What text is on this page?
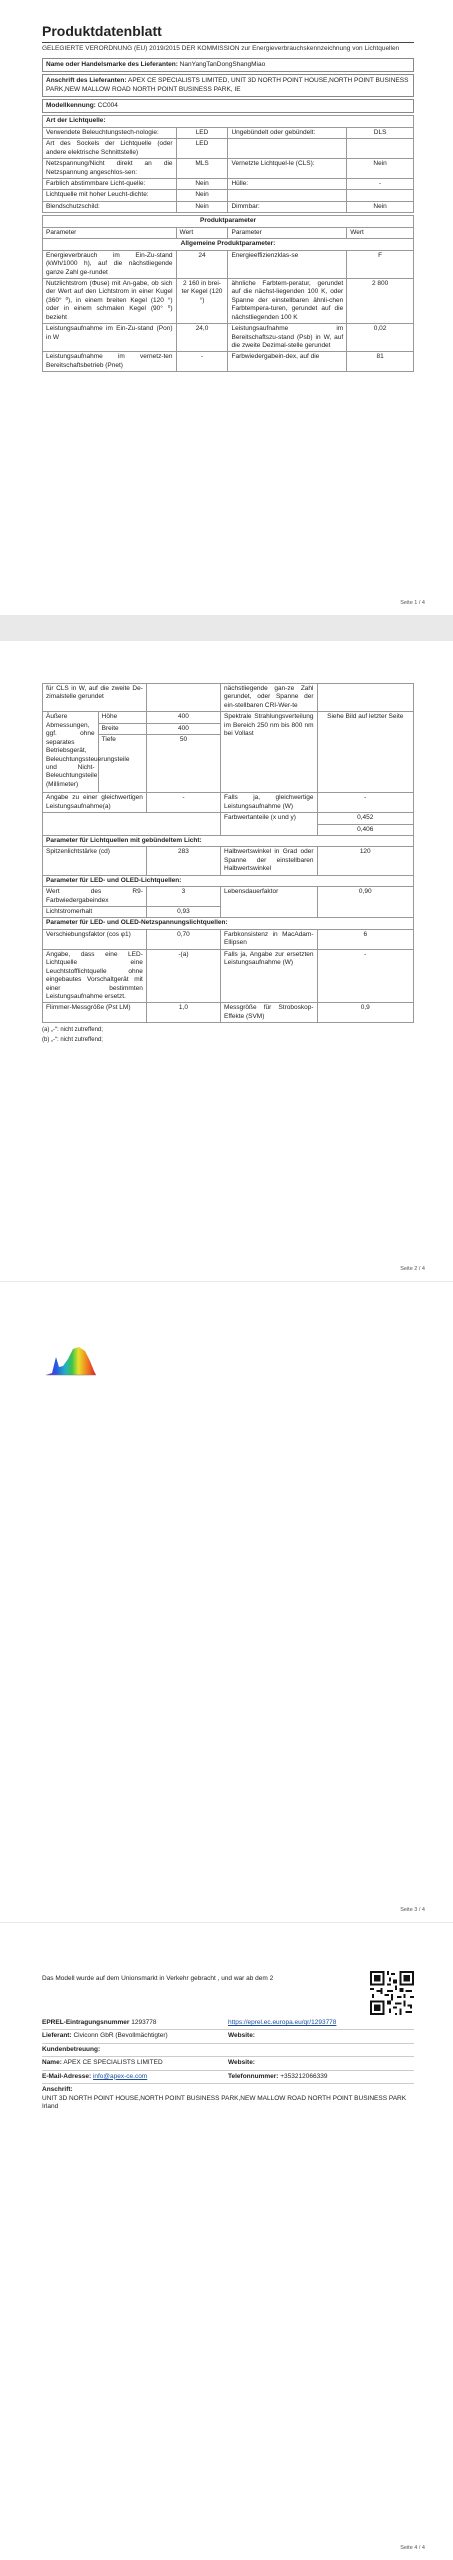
Produktdatenblatt
GELEGIERTE VERORDNUNG (EU) 2019/2015 DER KOMMISSION zur Energieverbrauchskennzeichnung von Lichtquellen
Name oder Handelsmarke des Lieferanten: NanYangTanDongShangMiao
Anschrift des Lieferanten: APEX CE SPECIALISTS LIMITED, UNIT 3D NORTH POINT HOUSE,NORTH POINT BUSINESS PARK,NEW MALLOW ROAD NORTH POINT BUSINESS PARK, IE
Modellkennung: CC004
Art der Lichtquelle:			
Verwendete Beleuchtungstech-nologie:	LED	Ungebündelt oder gebündelt:	DLS
Art des Sockels der Lichtquelle (oder andere elektrische Schnittstelle)	LED		
Netzspannung/Nicht direkt an die Netzspannung angeschlos-sen:	MLS	Vernetzte Lichtquel-le (CLS):	Nein
Farblich abstimmbare Licht-quelle:	Nein	Hülle:	-
Lichtquelle mit hoher Leucht-dichte:	Nein		
Blendschutzschild:	Nein	Dimmbar:	Nein
Produktparameter			
Parameter	Wert	Parameter	Wert
Allgemeine Produktparameter:			
Energieverbrauch im Ein-Zu-stand (kWh/1000 h), auf die nächstliegende ganze Zahl ge-rundet	24	Energieeffizienzklas-se	F
Nutzlichtstrom (Φuse) mit An-gabe, ob sich der Wert auf den Lichtstrom in einer Kugel (360° ⁰), in einem breiten Kegel (120 °) oder in einem schmalen Kegel (90° ⁰) bezieht	2 160 in brei-ter Kegel (120 °)	ähnliche Farbtem-peratur, gerundet auf die nächst-liegenden 100 K, oder Spanne der einstellbaren ähnli-chen Farbtempera-turen, gerundet auf die nächstliegenden 100 K	2 800
Leistungsaufnahme im Ein-Zu-stand (Pon) in W	24,0	Leistungsaufnahme im Bereitschaftszu-stand (Psb) in W, auf die zweite Dezimal-stelle gerundet	0,02
Leistungsaufnahme im vernetz-ten Bereitschaftsbetrieb (Pnet)	-	Farbwiedergabein-dex, auf die	81
Seite 1 / 4
für CLS in W, auf die zweite De-zimalstelle gerundet			nächstliegende gan-ze Zahl gerundet, oder Spanne der ein-stellbaren CRI-Wer-te	
Äußere Abmessungen, ggf. ohne separates Betriebsgerät, Beleuchtungssteuerungsteile und Nicht-Beleuchtungsteile (Millimeter)	Höhe	400	Spektrale Strahlungsverteilung im Bereich 250 nm bis 800 nm bei Vollast	Siehe Bild auf letzter Seite
	Breite	400		
	Tiefe	50		
Angabe zu einer gleichwertigen Leistungsaufnahme(a)		-	Falls ja, gleichwertige Leistungsaufnahme (W)	-
			Farbwertanteile (x und y)	0,452
				0,406
Parameter für Lichtquellen mit gebündeltem Licht:				
Spitzenlichtstärke (cd)		283	Halbwertswinkel in Grad oder Spanne der einstellbaren Halbwertswinkel	120
Parameter für LED- und OLED-Lichtquellen:				
Wert des R9-Farbwiedergabeindex		3	Lebensdauerfaktor	0,90
Lichtstromerhalt		0,93		
Parameter für LED- und OLED-Netzspannungslichtquellen:				
Verschiebungsfaktor (cos φ1)		0,70	Farbkonsistenz in MacAdam-Ellipsen	6
Angabe, dass eine LED-Lichtquelle eine Leuchtstofflichtquelle ohne eingebautes Vorschaltgerät mit einer bestimmten Leistungsaufnahme ersetzt.		-(a)	Falls ja, Angabe zur ersetzten Leistungsaufnahme (W)	-
Flimmer-Messgröße (Pst LM)		1,0	Messgröße für Stroboskop-Effekte (SVM)	0,9
(a) „-“: nicht zutreffend;
(b) „-“: nicht zutreffend;
Seite 2 / 4
Seite 3 / 4
Das Modell wurde auf dem Unionsmarkt in Verkehr gebracht , und war ab dem 2
EPREL-Eintragungsnummer 1293778	https://eprel.ec.europa.eu/qr/1293778
Lieferant: Civiconn GbR (Bevollmächtigter)	Website:
Kundenbetreuung:
Name: APEX CE SPECIALISTS LIMITED	Website:
E-Mail-Adresse: info@apex-ce.com	Telefonnummer: +353212066339
Anschrift:
UNIT 3D NORTH POINT HOUSE,NORTH POINT BUSINESS PARK,NEW MALLOW ROAD NORTH POINT BUSINESS PARK
Irland
Seite 4 / 4
